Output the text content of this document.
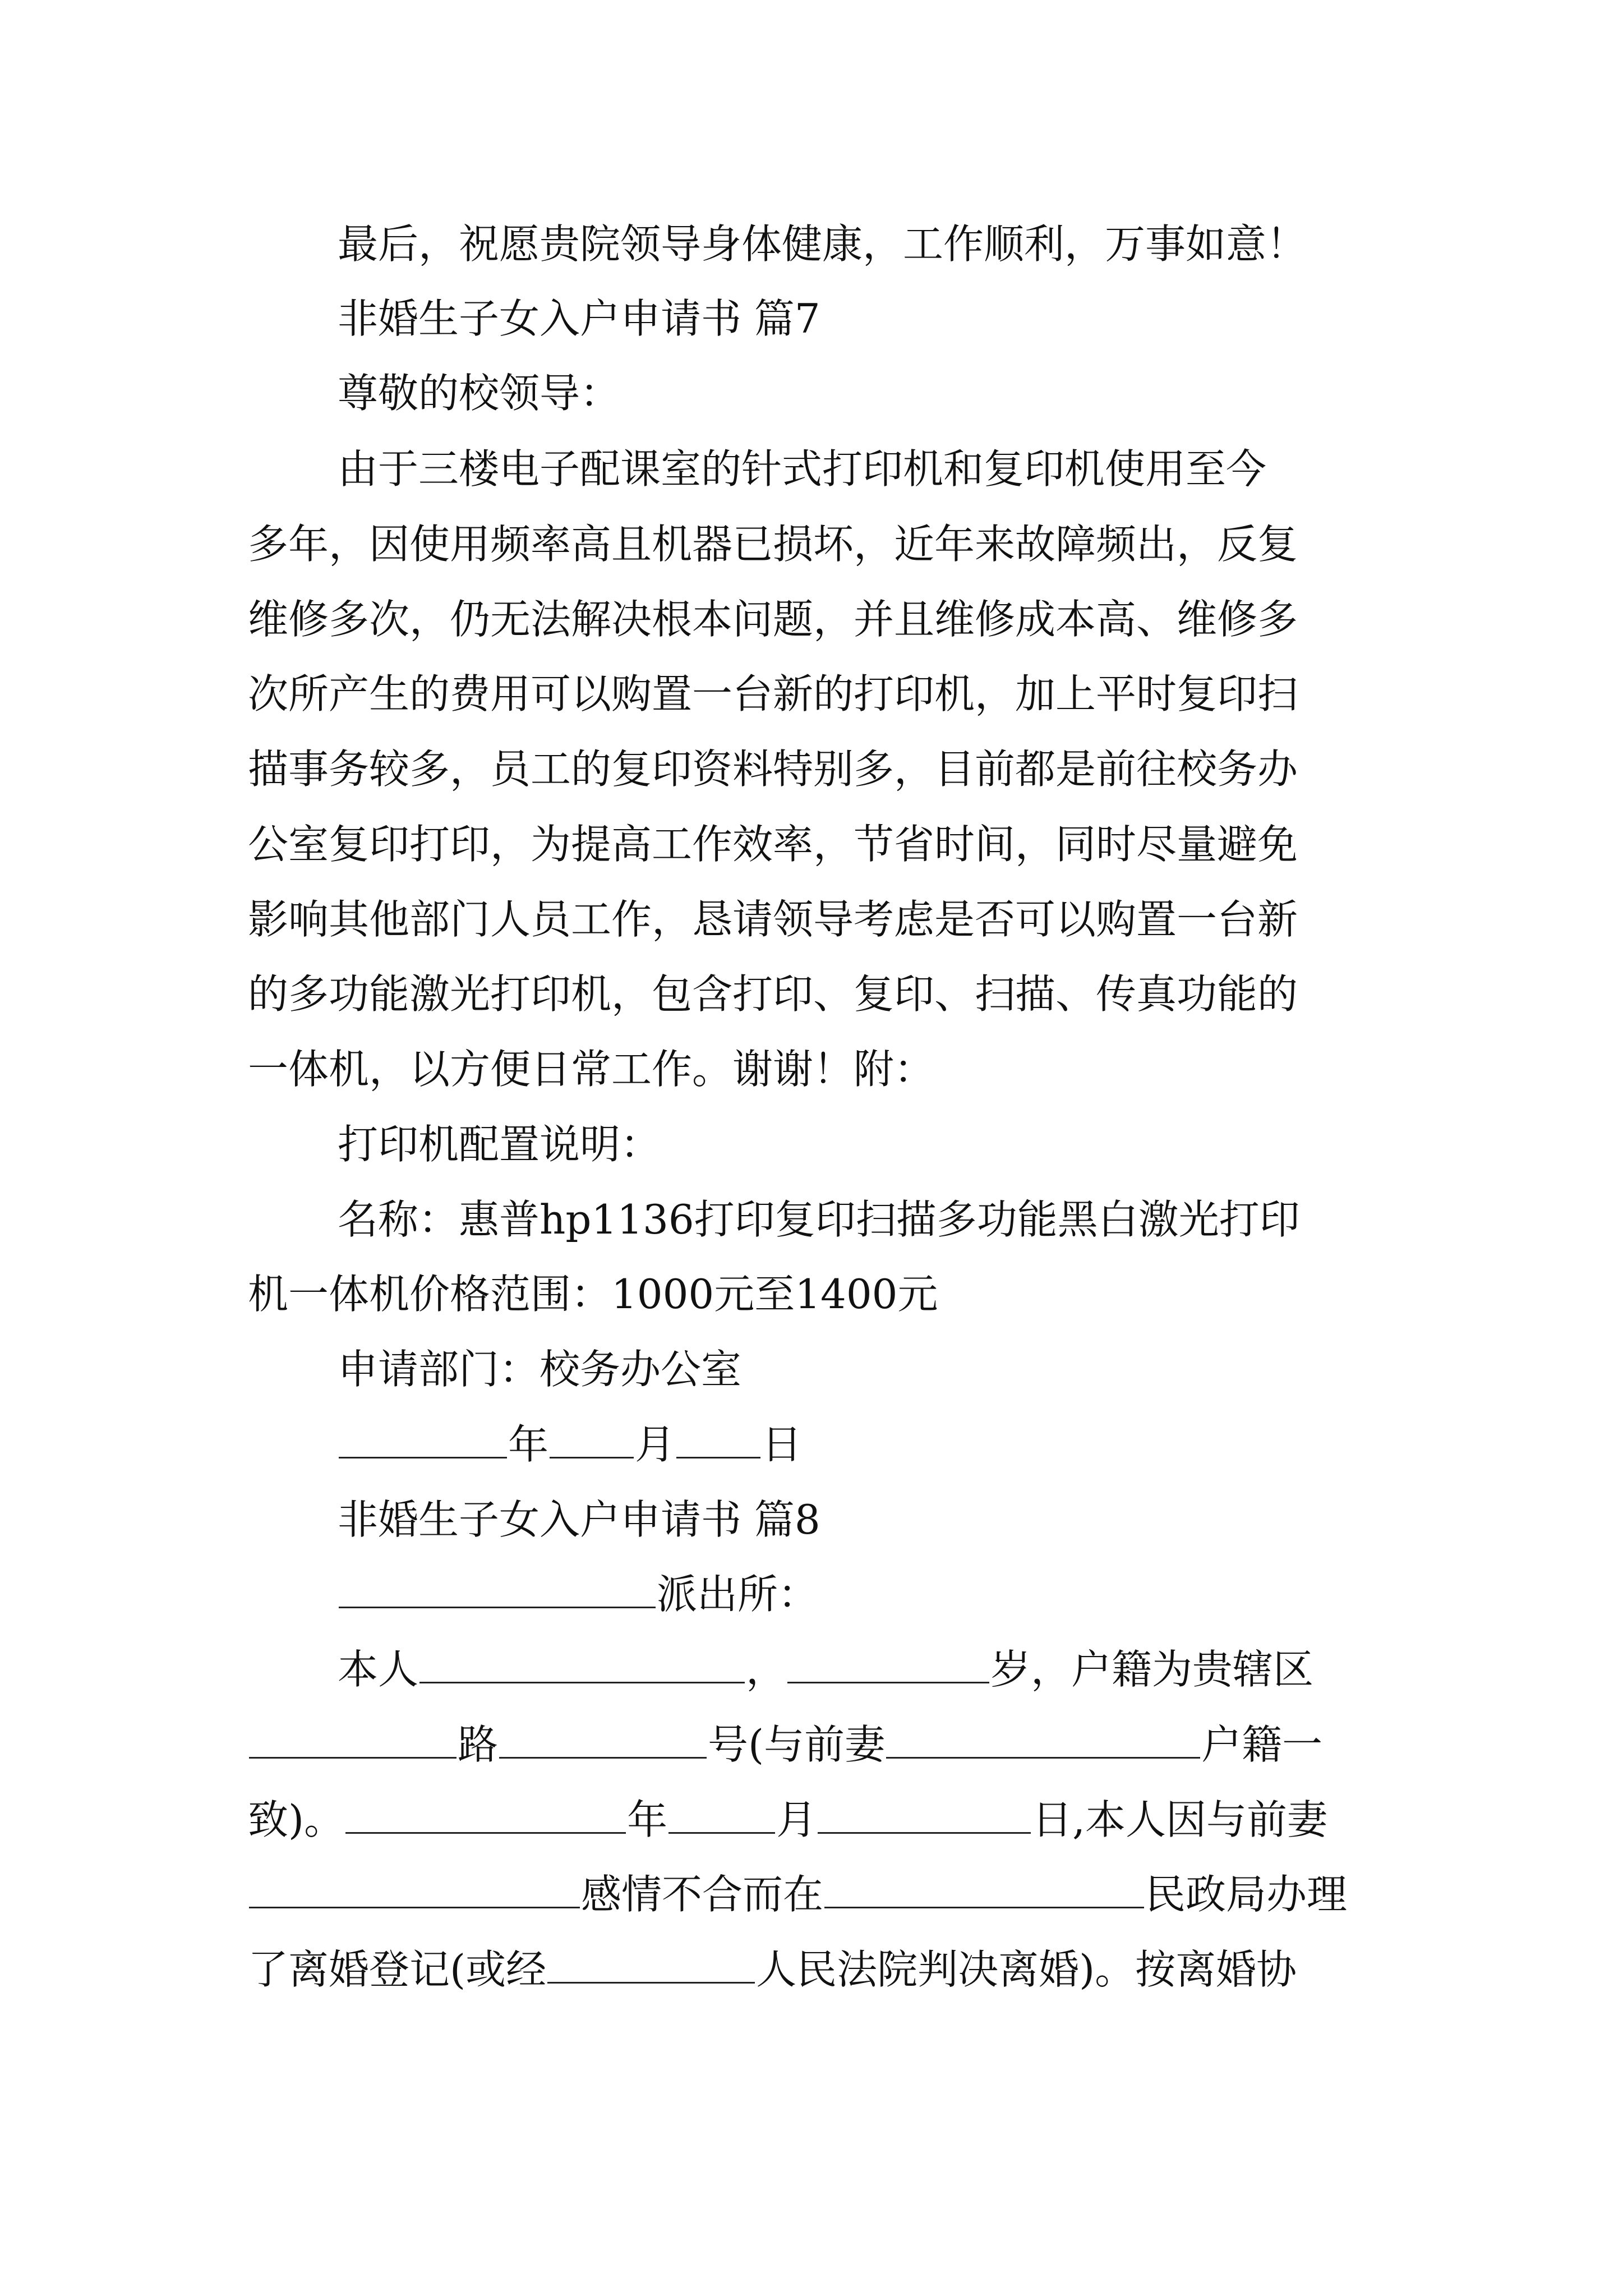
最后，祝愿贵院领导身体健康，工作顺利，万事如意！
非婚生子女入户申请书 篇7
尊敬的校领导：
由于三楼电子配课室的针式打印机和复印机使用至今
多年，因使用频率高且机器已损坏，近年来故障频出，反复
维修多次，仍无法解决根本问题，并且维修成本高、维修多
次所产生的费用可以购置一台新的打印机，加上平时复印扫
描事务较多，员工的复印资料特别多，目前都是前往校务办
公室复印打印，为提高工作效率，节省时间，同时尽量避免
影响其他部门人员工作，恳请领导考虑是否可以购置一台新
的多功能激光打印机，包含打印、复印、扫描、传真功能的
一体机，以方便日常工作。谢谢！附：
打印机配置说明：
名称：惠普hp1136打印复印扫描多功能黑白激光打印
机一体机价格范围：1000元至1400元
申请部门：校务办公室
年 月 日
非婚生子女入户申请书 篇8
派出所：
本人	，	岁，户籍为贵辖区
路	号(与前妻	户籍一
致)。	年	月	日,本人因与前妻
感情不合而在	民政局办理
了离婚登记(或经	人民法院判决离婚)。按离婚协
